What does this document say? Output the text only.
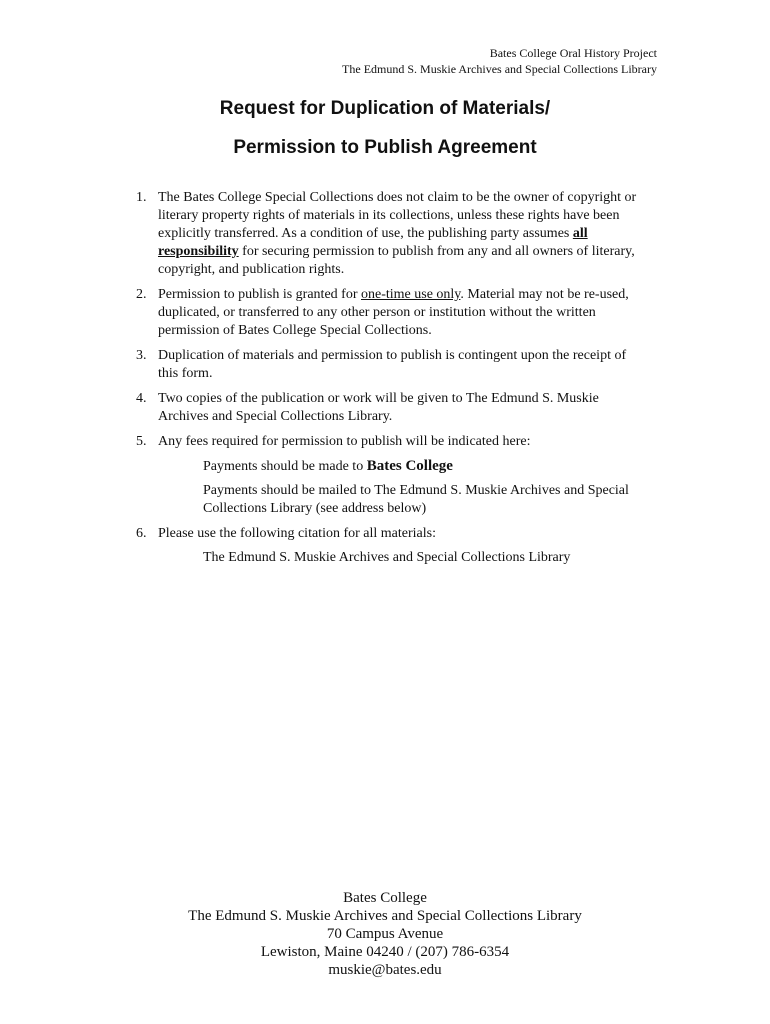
Bates College Oral History Project
The Edmund S. Muskie Archives and Special Collections Library
Request for Duplication of Materials/
Permission to Publish Agreement
1. The Bates College Special Collections does not claim to be the owner of copyright or literary property rights of materials in its collections, unless these rights have been explicitly transferred. As a condition of use, the publishing party assumes all responsibility for securing permission to publish from any and all owners of literary, copyright, and publication rights.
2. Permission to publish is granted for one-time use only. Material may not be re-used, duplicated, or transferred to any other person or institution without the written permission of Bates College Special Collections.
3. Duplication of materials and permission to publish is contingent upon the receipt of this form.
4. Two copies of the publication or work will be given to The Edmund S. Muskie Archives and Special Collections Library.
5. Any fees required for permission to publish will be indicated here:
Payments should be made to Bates College
Payments should be mailed to The Edmund S. Muskie Archives and Special Collections Library (see address below)
6. Please use the following citation for all materials:
The Edmund S. Muskie Archives and Special Collections Library
Bates College
The Edmund S. Muskie Archives and Special Collections Library
70 Campus Avenue
Lewiston, Maine 04240 / (207) 786-6354
muskie@bates.edu
